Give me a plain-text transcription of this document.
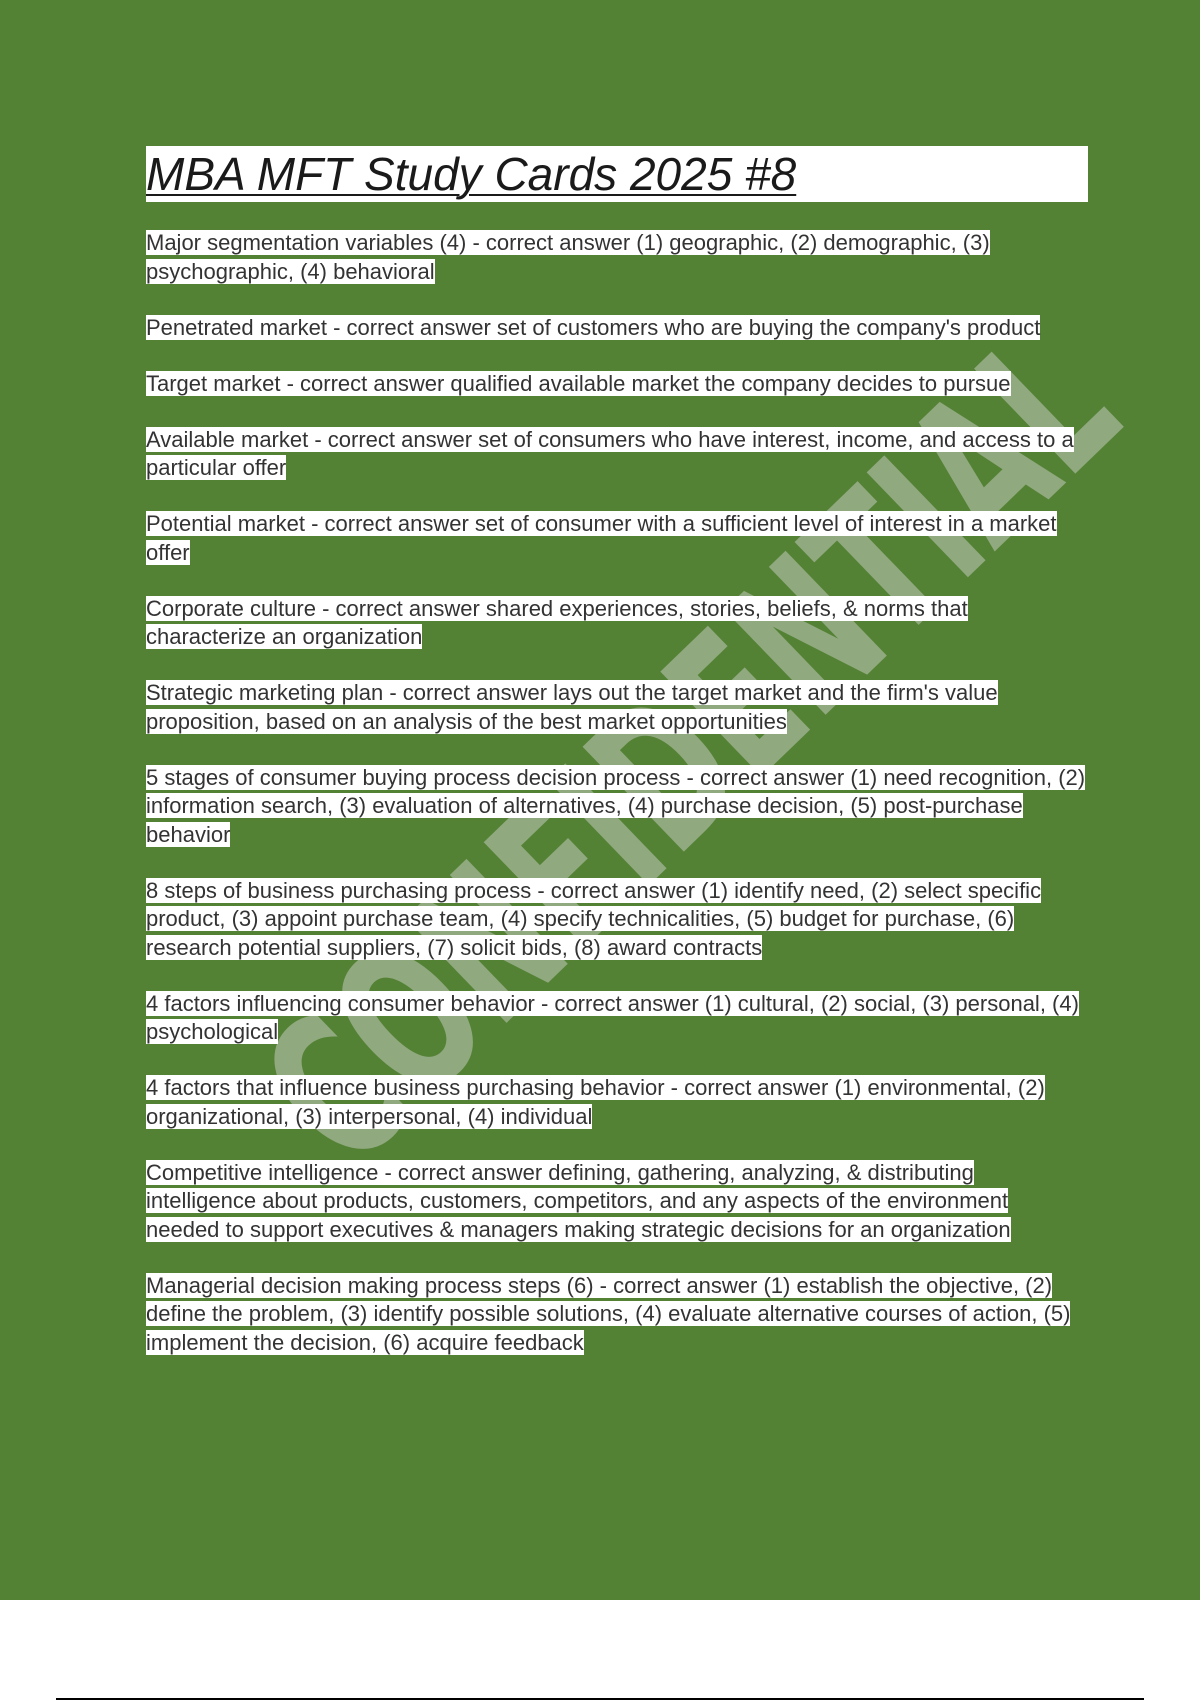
MBA MFT Study Cards 2025 #8

Major segmentation variables (4) - correct answer (1) geographic, (2) demographic, (3) psychographic, (4) behavioral

Penetrated market - correct answer set of customers who are buying the company's product

Target market - correct answer qualified available market the company decides to pursue

Available market - correct answer set of consumers who have interest, income, and access to a particular offer

Potential market - correct answer set of consumer with a sufficient level of interest in a market offer

Corporate culture - correct answer shared experiences, stories, beliefs, & norms that characterize an organization

Strategic marketing plan - correct answer lays out the target market and the firm's value proposition, based on an analysis of the best market opportunities

5 stages of consumer buying process decision process - correct answer (1) need recognition, (2) information search, (3) evaluation of alternatives, (4) purchase decision, (5) post-purchase behavior

8 steps of business purchasing process - correct answer (1) identify need, (2) select specific product, (3) appoint purchase team, (4) specify technicalities, (5) budget for purchase, (6) research potential suppliers, (7) solicit bids, (8) award contracts

4 factors influencing consumer behavior - correct answer (1) cultural, (2) social, (3) personal, (4) psychological

4 factors that influence business purchasing behavior - correct answer (1) environmental, (2) organizational, (3) interpersonal, (4) individual

Competitive intelligence - correct answer defining, gathering, analyzing, & distributing intelligence about products, customers, competitors, and any aspects of the environment needed to support executives & managers making strategic decisions for an organization

Managerial decision making process steps (6) - correct answer (1) establish the objective, (2) define the problem, (3) identify possible solutions, (4) evaluate alternative courses of action, (5) implement the decision, (6) acquire feedback
